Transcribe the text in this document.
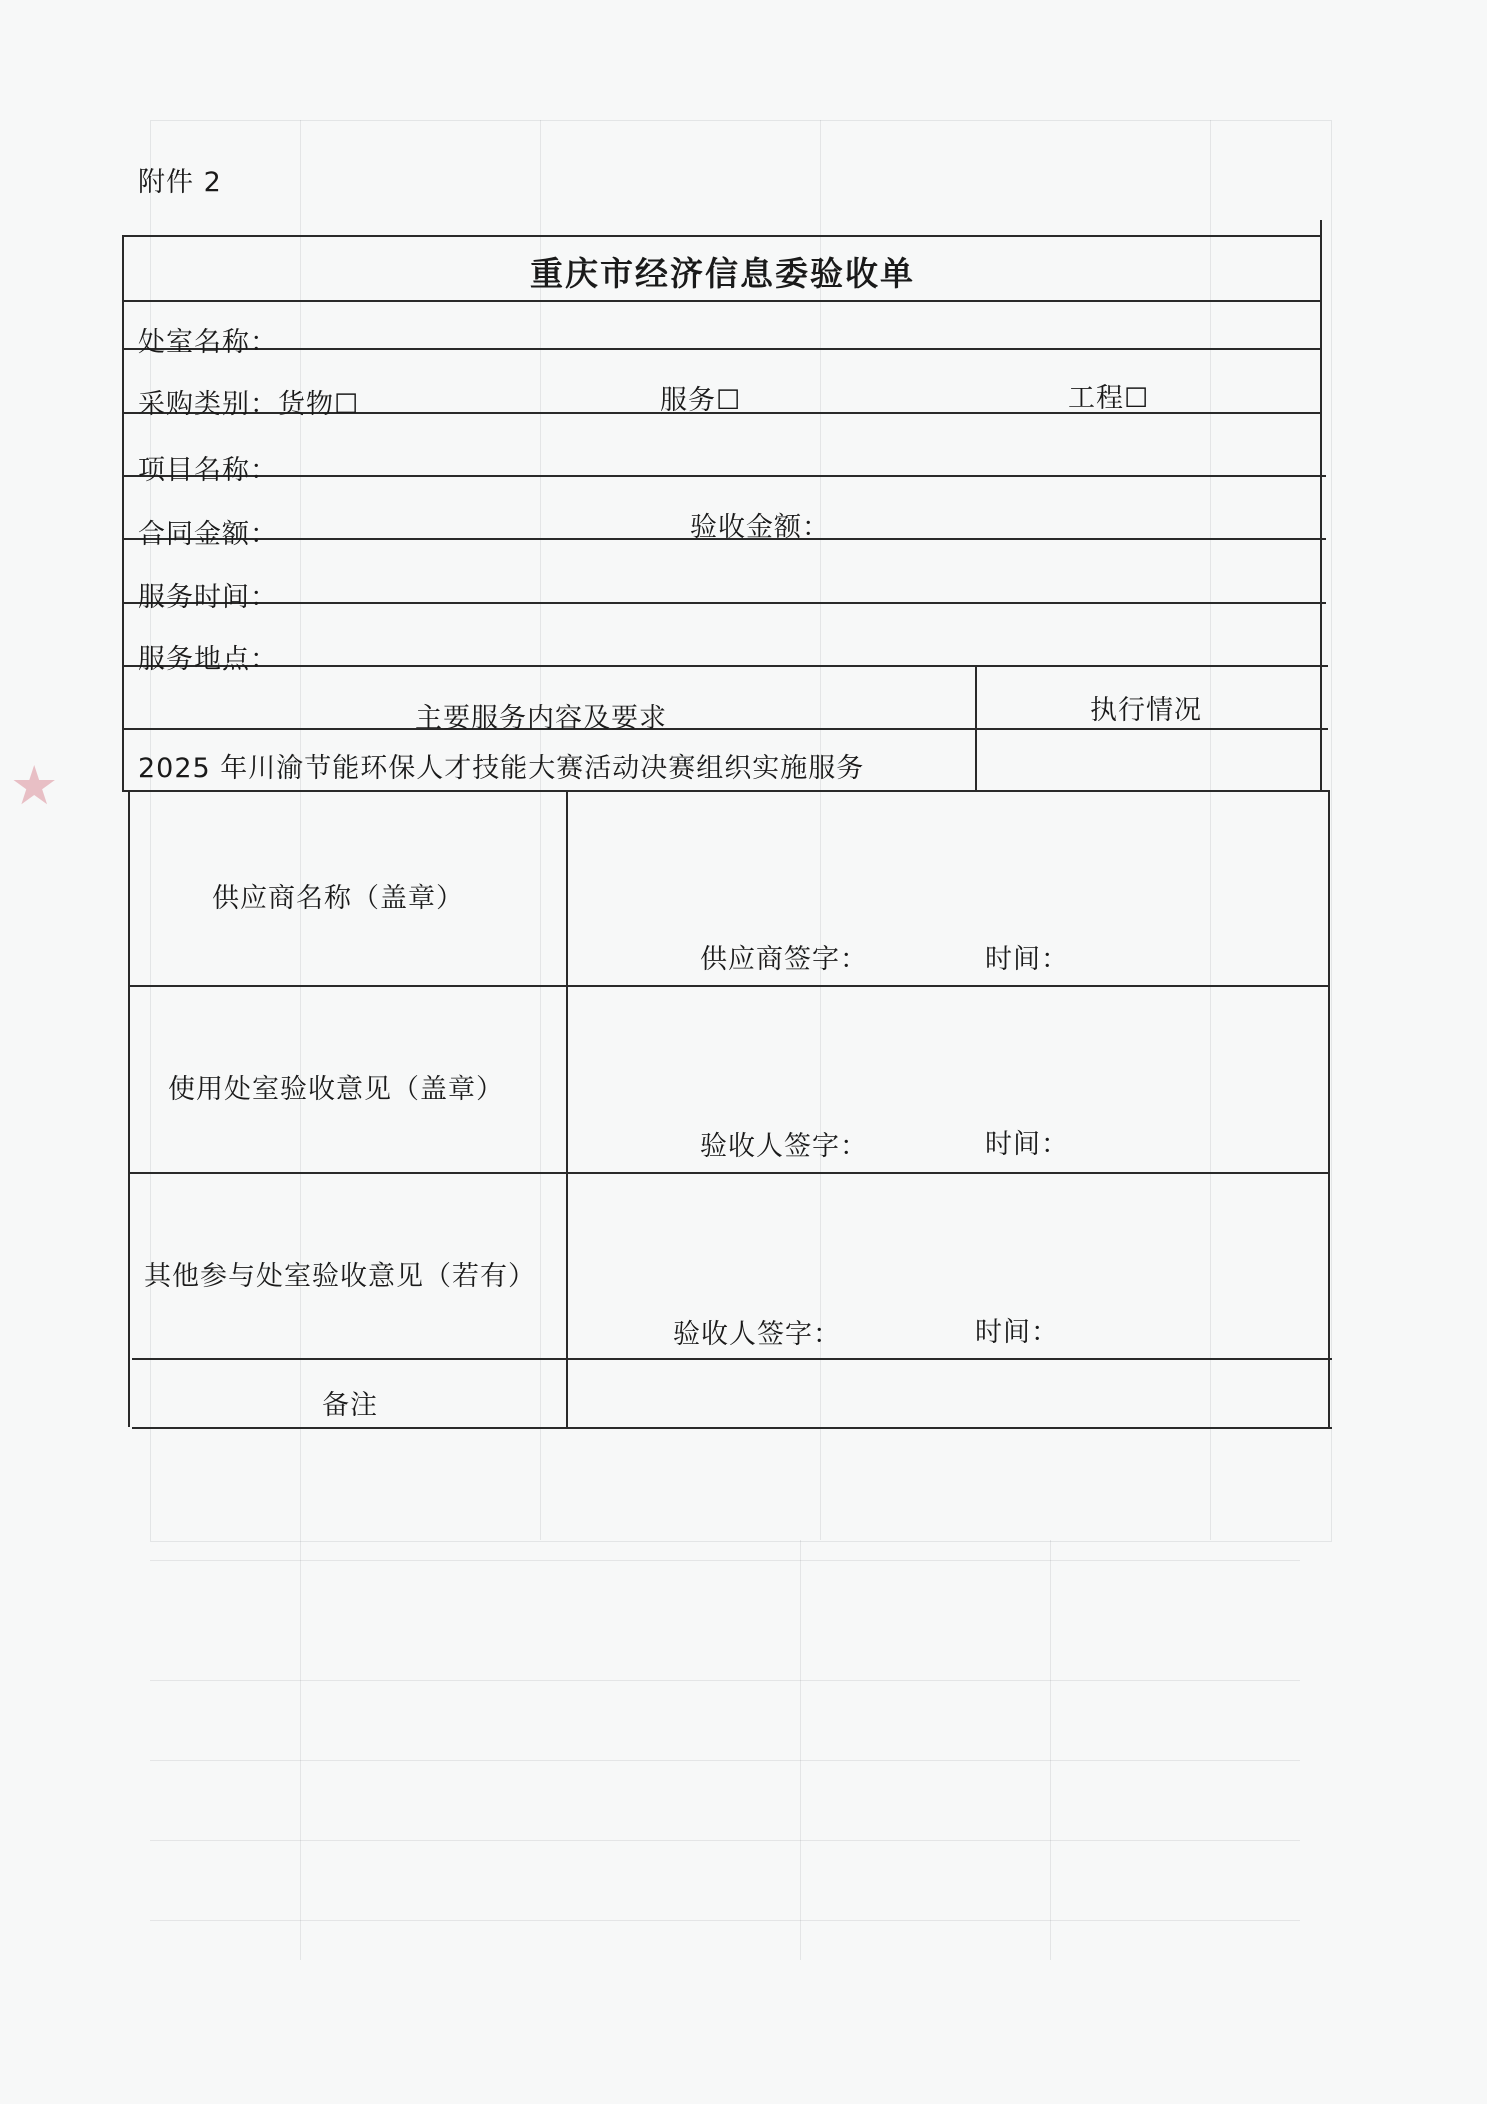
★
附件 2
重庆市经济信息委验收单
处室名称：
采购类别：货物☐	服务☐	工程☐
项目名称：
合同金额：	验收金额：
服务时间：
服务地点：
主要服务内容及要求	执行情况
2025 年川渝节能环保人才技能大赛活动决赛组织实施服务
供应商名称（盖章）
供应商签字：	时间：
使用处室验收意见（盖章）
验收人签字：	时间：
其他参与处室验收意见（若有）
验收人签字：	时间：
备注
